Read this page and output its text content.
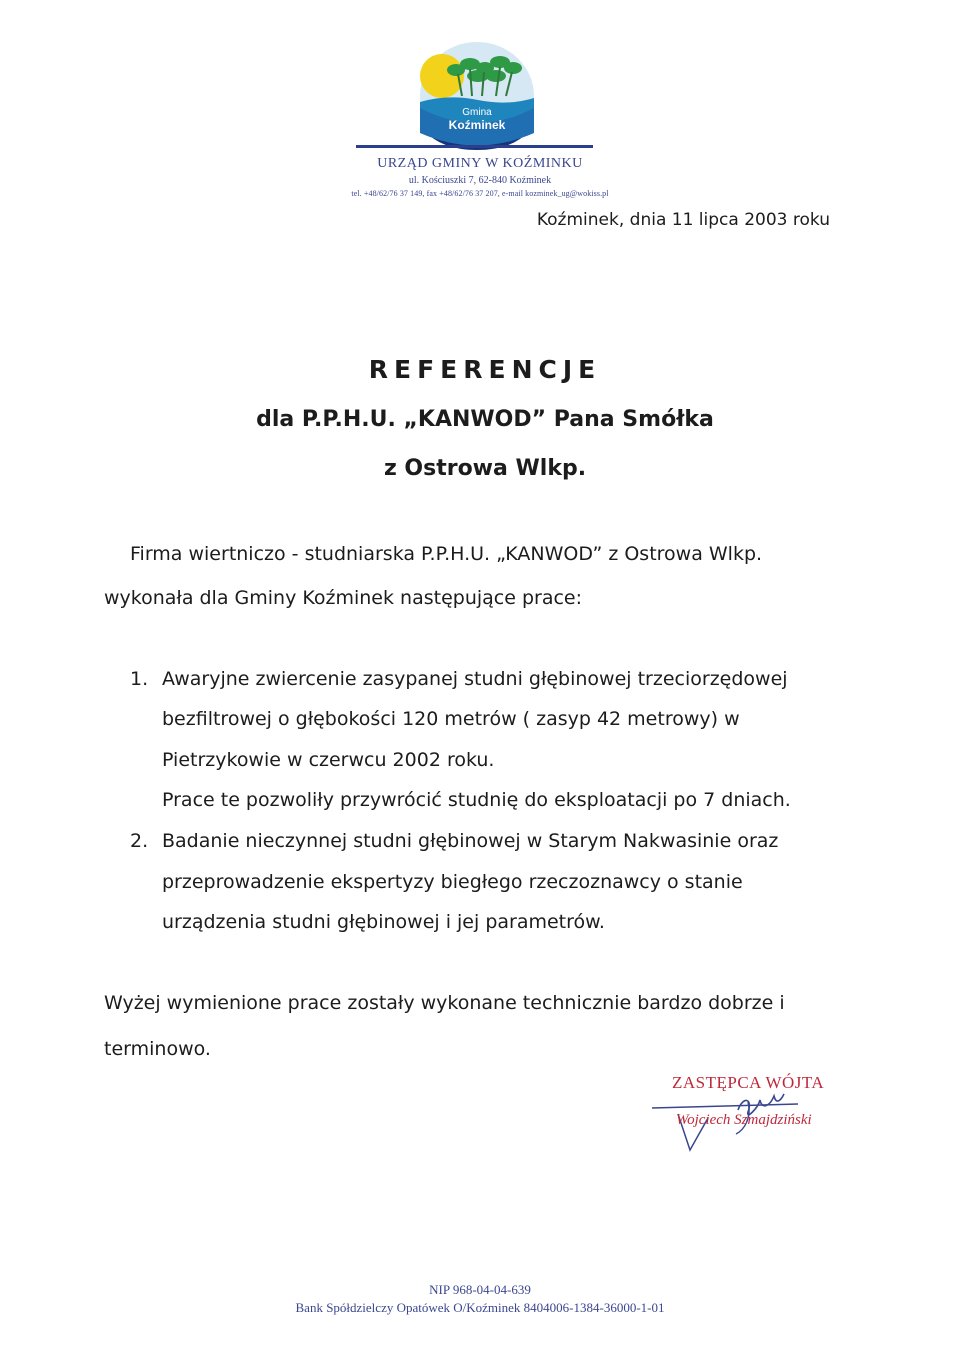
Gmina
Koźminek
URZĄD GMINY W KOŹMINKU
ul. Kościuszki 7, 62-840 Koźminek
tel. +48/62/76 37 149, fax +48/62/76 37 207, e-mail kozminek_ug@wokiss.pl
Koźminek, dnia 11 lipca 2003 roku
REFERENCJE
dla P.P.H.U. „KANWOD” Pana Smółka
z Ostrowa Wlkp.
Firma wiertniczo - studniarska P.P.H.U. „KANWOD” z Ostrowa Wlkp.
wykonała dla Gminy Koźminek następujące prace:
1. Awaryjne zwiercenie zasypanej studni głębinowej trzeciorzędowej
bezfiltrowej o głębokości 120 metrów ( zasyp 42 metrowy) w
Pietrzykowie w czerwcu 2002 roku.
Prace te pozwoliły przywrócić studnię do eksploatacji po 7 dniach.
2. Badanie nieczynnej studni głębinowej w Starym Nakwasinie oraz
przeprowadzenie ekspertyzy biegłego rzeczoznawcy o stanie
urządzenia studni głębinowej i jej parametrów.
Wyżej wymienione prace zostały wykonane technicznie bardzo dobrze i
terminowo.
ZASTĘPCA WÓJTA
Wojciech Szmajdziński
NIP 968-04-04-639
Bank Spółdzielczy Opatówek O/Koźminek 8404006-1384-36000-1-01
